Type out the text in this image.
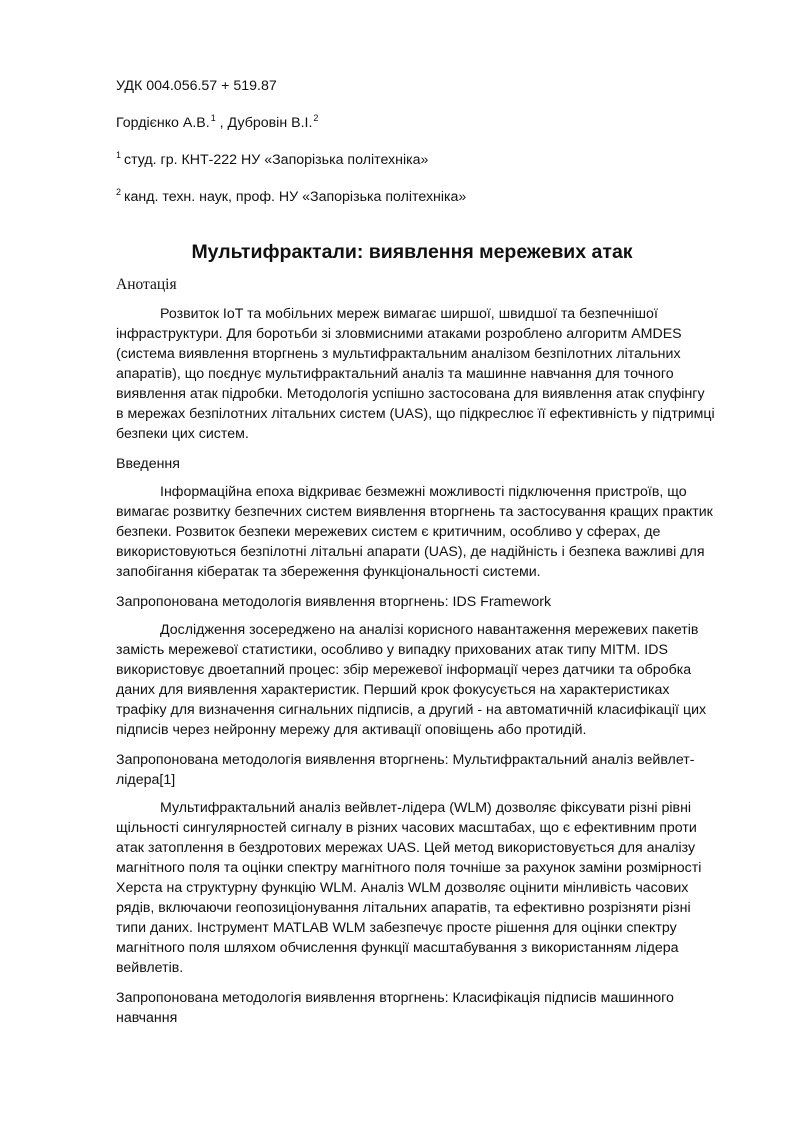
УДК 004.056.57 + 519.87

Гордієнко А.В.$^1$ , Дубровін В.І.$^2$

$^1$ студ. гр. КНТ-222 НУ «Запорізька політехніка»

$^2$ канд. техн. наук, проф. НУ «Запорізька політехніка»

Мультифрактали: виявлення мережевих атак

Анотація

Розвиток IoT та мобільних мереж вимагає ширшої, швидшої та безпечнішої інфраструктури. Для боротьби зі зловмисними атаками розроблено алгоритм AMDES (система виявлення вторгнень з мультифрактальним аналізом безпілотних літальних апаратів), що поєднує мультифрактальний аналіз та машинне навчання для точного виявлення атак підробки. Методологія успішно застосована для виявлення атак спуфінгу в мережах безпілотних літальних систем (UAS), що підкреслює її ефективність у підтримці безпеки цих систем.

Введення

Інформаційна епоха відкриває безмежні можливості підключення пристроїв, що вимагає розвитку безпечних систем виявлення вторгнень та застосування кращих практик безпеки. Розвиток безпеки мережевих систем є критичним, особливо у сферах, де використовуються безпілотні літальні апарати (UAS), де надійність і безпека важливі для запобігання кібератак та збереження функціональності системи.

Запропонована методологія виявлення вторгнень: IDS Framework

Дослідження зосереджено на аналізі корисного навантаження мережевих пакетів замість мережевої статистики, особливо у випадку прихованих атак типу MITM. IDS використовує двоетапний процес: збір мережевої інформації через датчики та обробка даних для виявлення характеристик. Перший крок фокусується на характеристиках трафіку для визначення сигнальних підписів, а другий - на автоматичній класифікації цих підписів через нейронну мережу для активації оповіщень або протидій.

Запропонована методологія виявлення вторгнень: Мультифрактальний аналіз вейвлет-лідера[1]

Мультифрактальний аналіз вейвлет-лідера (WLM) дозволяє фіксувати різні рівні щільності сингулярностей сигналу в різних часових масштабах, що є ефективним проти атак затоплення в бездротових мережах UAS. Цей метод використовується для аналізу магнітного поля та оцінки спектру магнітного поля точніше за рахунок заміни розмірності Херста на структурну функцію WLM. Аналіз WLM дозволяє оцінити мінливість часових рядів, включаючи геопозиціонування літальних апаратів, та ефективно розрізняти різні типи даних. Інструмент MATLAB WLM забезпечує просте рішення для оцінки спектру магнітного поля шляхом обчислення функції масштабування з використанням лідера вейвлетів.

Запропонована методологія виявлення вторгнень: Класифікація підписів машинного навчання
